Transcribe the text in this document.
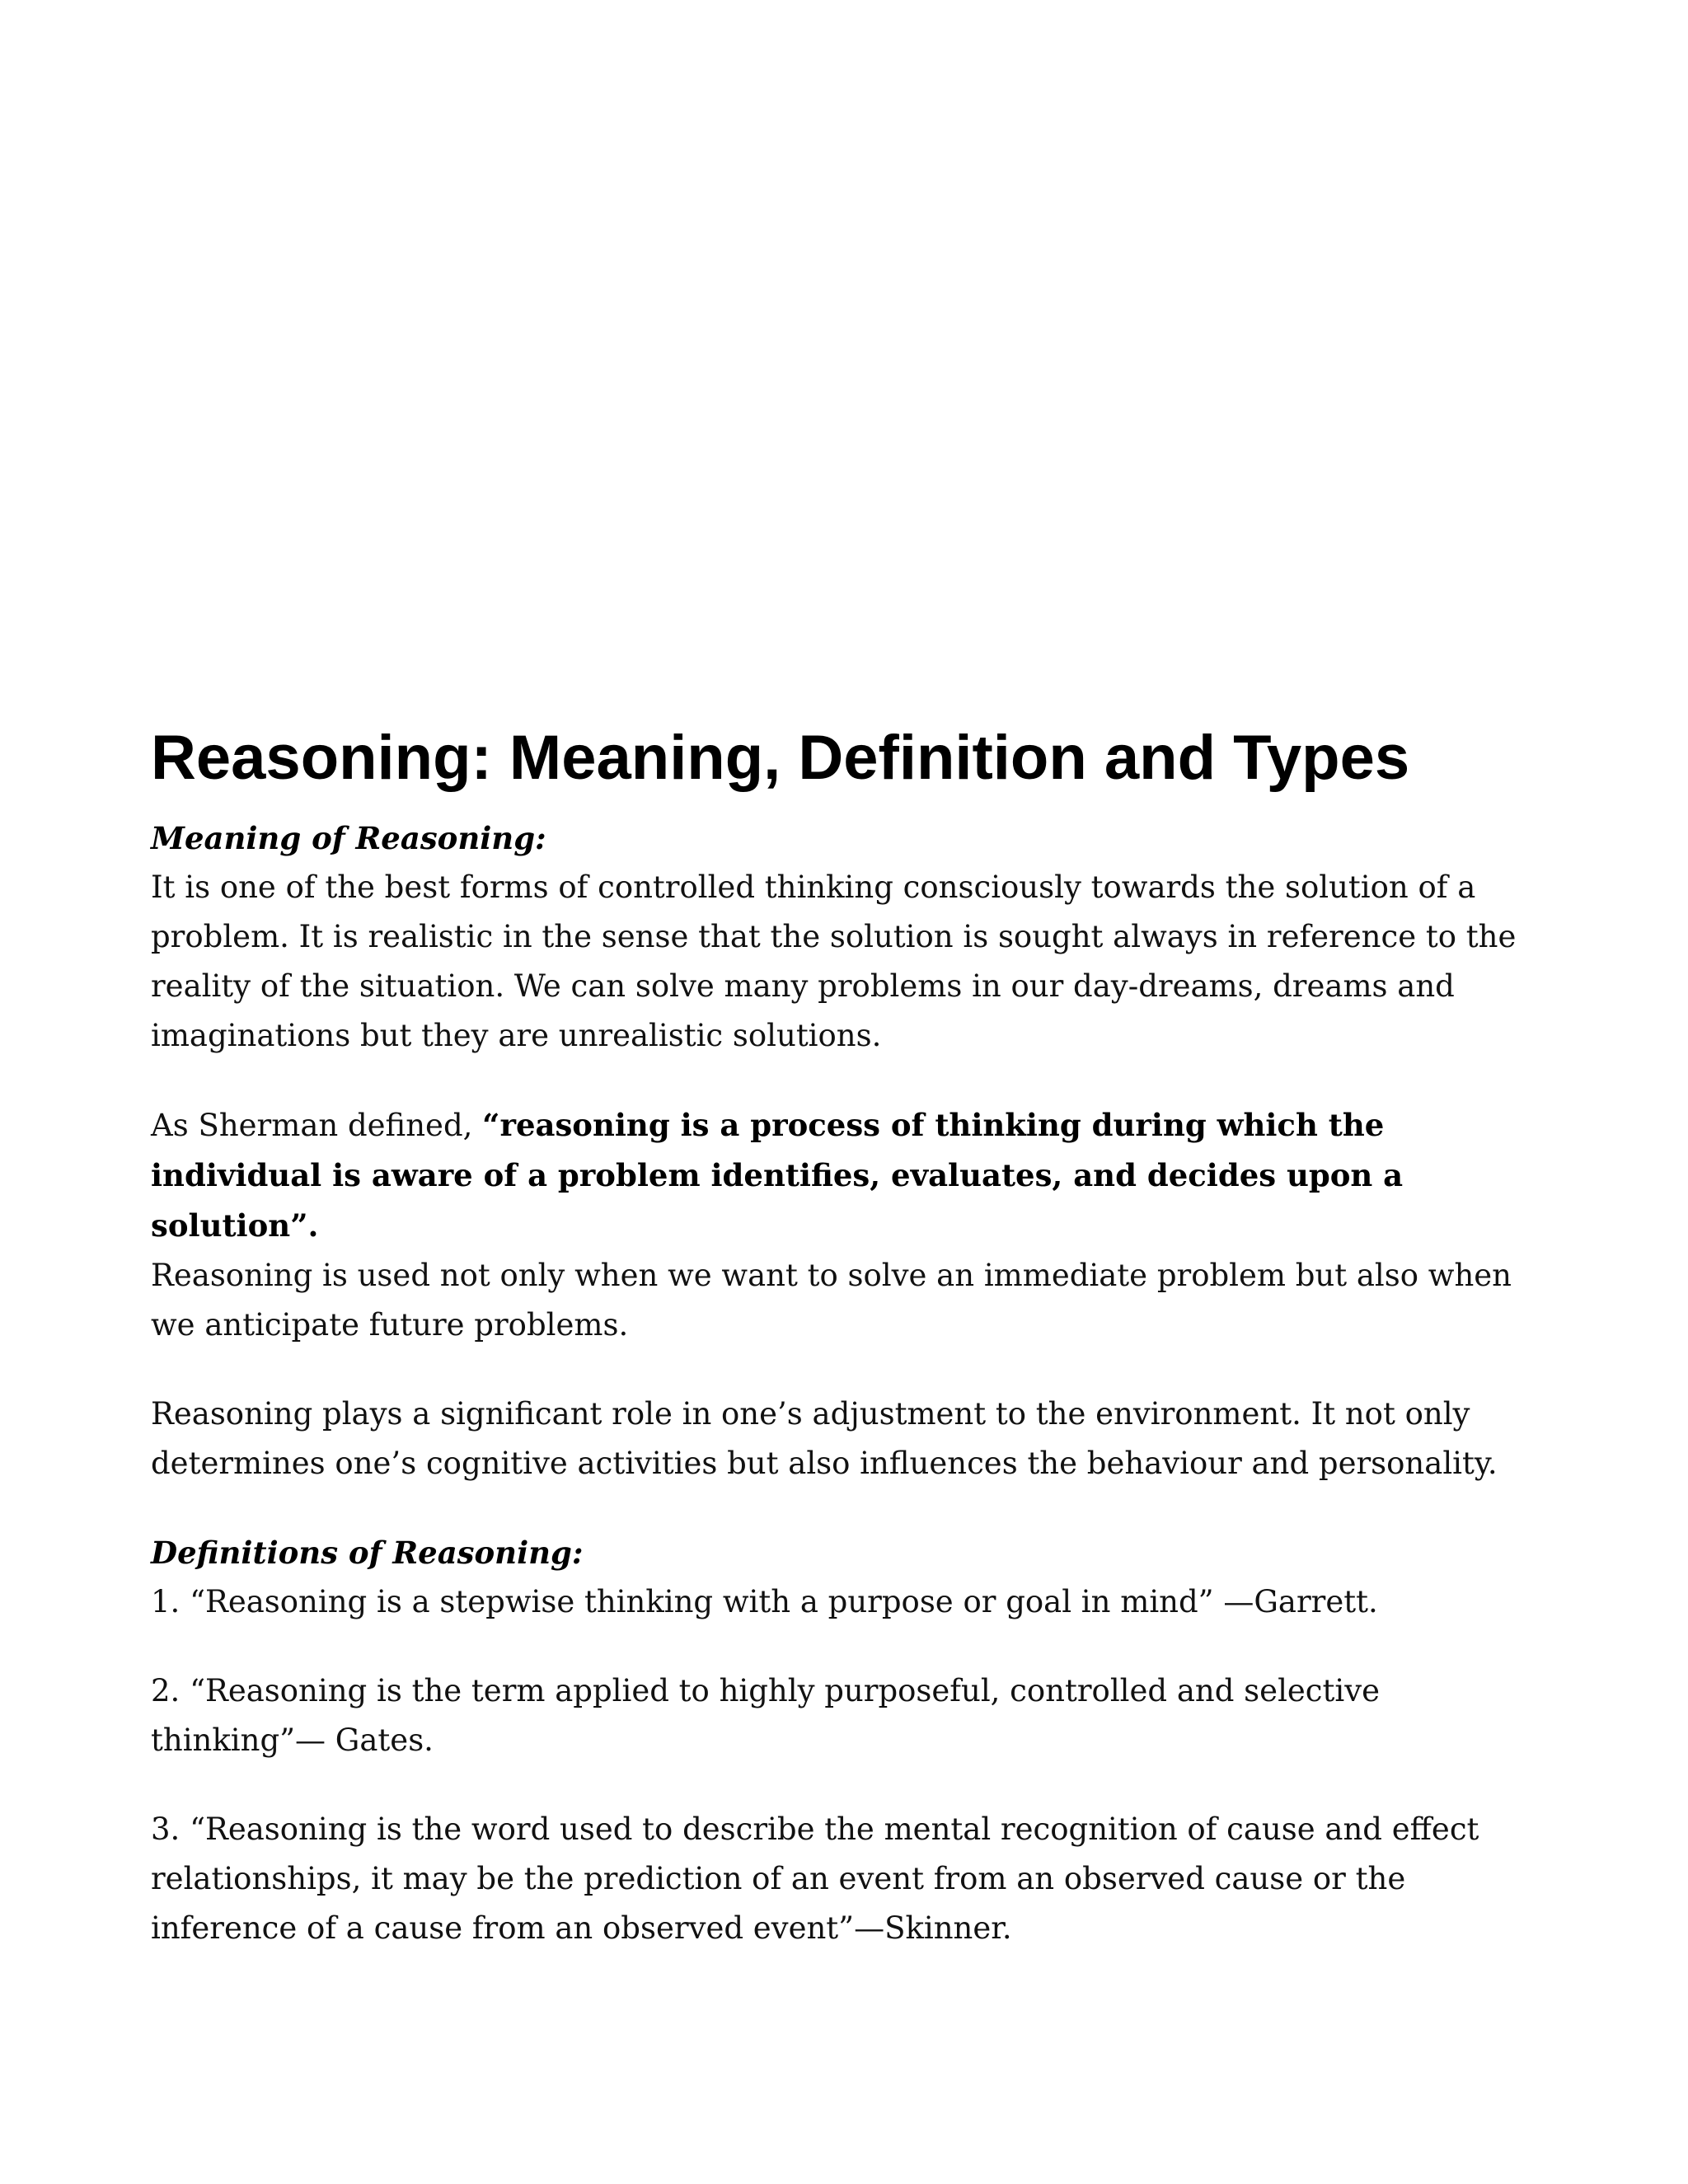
Reasoning: Meaning, Definition and Types
Meaning of Reasoning:

It is one of the best forms of controlled thinking consciously towards the solution of a problem. It is realistic in the sense that the solution is sought always in reference to the reality of the situation. We can solve many problems in our day-dreams, dreams and imaginations but they are unrealistic solutions.

As Sherman defined, “reasoning is a process of thinking during which the individual is aware of a problem identifies, evaluates, and decides upon a solution”.

Reasoning is used not only when we want to solve an immediate problem but also when we anticipate future problems.

Reasoning plays a significant role in one’s adjustment to the environment. It not only determines one’s cognitive activities but also influences the behaviour and personality.

Definitions of Reasoning:

1. “Reasoning is a stepwise thinking with a purpose or goal in mind” —Garrett.

2. “Reasoning is the term applied to highly purposeful, controlled and selective thinking”— Gates.

3. “Reasoning is the word used to describe the mental recognition of cause and effect relationships, it may be the prediction of an event from an observed cause or the inference of a cause from an observed event”—Skinner.
